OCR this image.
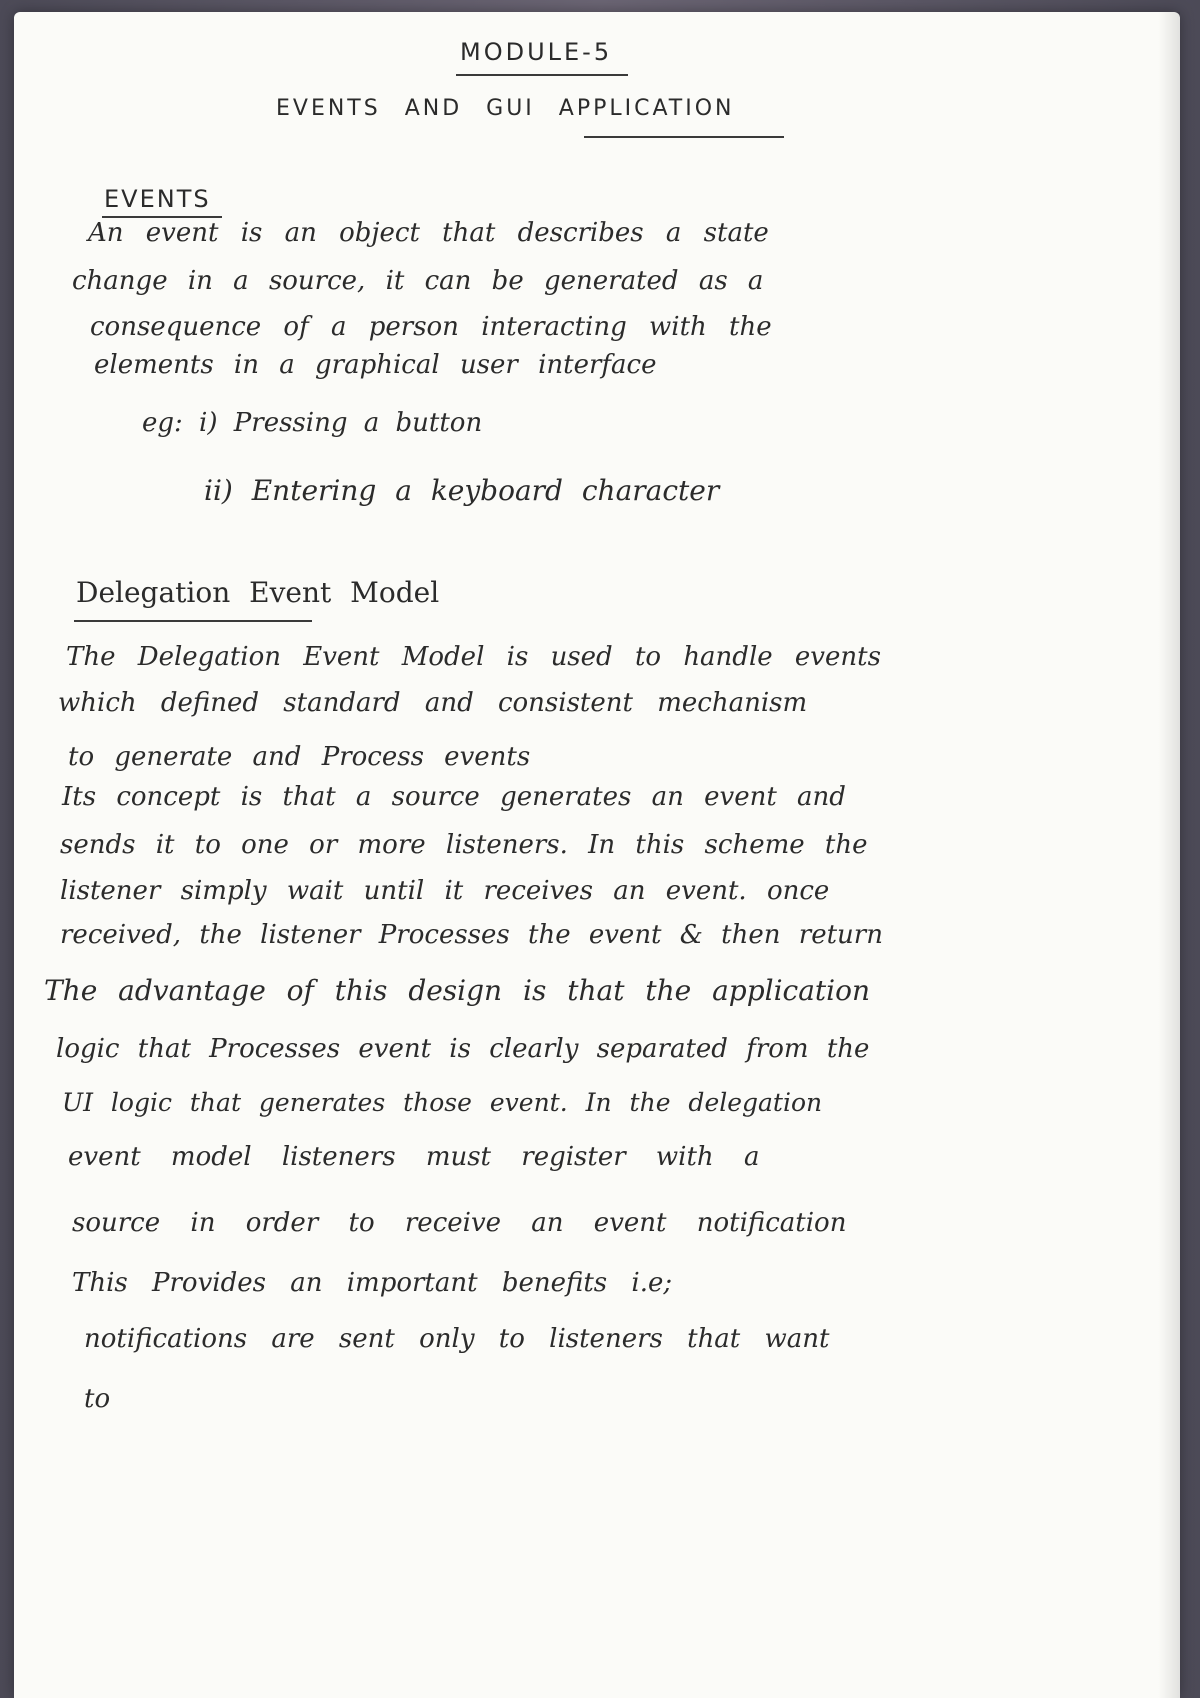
MODULE-5
EVENTS AND GUI APPLICATION
EVENTS
An event is an object that describes a state
change in a source, it can be generated as a
consequence of a person interacting with the
elements in a graphical user interface
eg: i) Pressing a button
ii) Entering a keyboard character
Delegation Event Model
The Delegation Event Model is used to handle events
which defined standard and consistent mechanism
to generate and Process events
Its concept is that a source generates an event and
sends it to one or more listeners. In this scheme the
listener simply wait until it receives an event. once
received, the listener Processes the event & then return
The advantage of this design is that the application
logic that Processes event is clearly separated from the
UI logic that generates those event. In the delegation
event model listeners must register with a
source in order to receive an event notification
This Provides an important benefits i.e;
notifications are sent only to listeners that want
to
